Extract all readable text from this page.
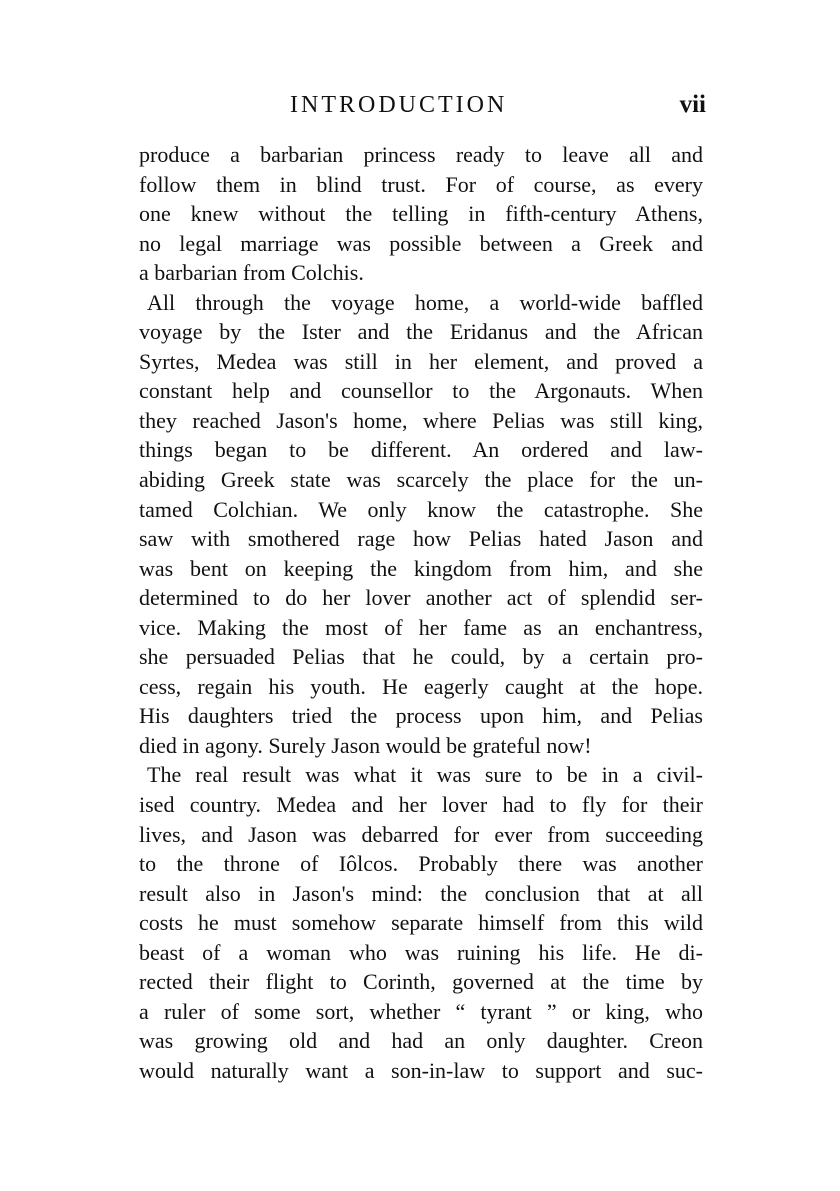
INTRODUCTION	vii
produce a barbarian princess ready to leave all and
follow them in blind trust. For of course, as every
one knew without the telling in fifth-century Athens,
no legal marriage was possible between a Greek and
a barbarian from Colchis.
All through the voyage home, a world-wide baffled
voyage by the Ister and the Eridanus and the African
Syrtes, Medea was still in her element, and proved a
constant help and counsellor to the Argonauts. When
they reached Jason's home, where Pelias was still king,
things began to be different. An ordered and law-
abiding Greek state was scarcely the place for the un-
tamed Colchian. We only know the catastrophe. She
saw with smothered rage how Pelias hated Jason and
was bent on keeping the kingdom from him, and she
determined to do her lover another act of splendid ser-
vice. Making the most of her fame as an enchantress,
she persuaded Pelias that he could, by a certain pro-
cess, regain his youth. He eagerly caught at the hope.
His daughters tried the process upon him, and Pelias
died in agony. Surely Jason would be grateful now!
The real result was what it was sure to be in a civil-
ised country. Medea and her lover had to fly for their
lives, and Jason was debarred for ever from succeeding
to the throne of Iôlcos. Probably there was another
result also in Jason's mind: the conclusion that at all
costs he must somehow separate himself from this wild
beast of a woman who was ruining his life. He di-
rected their flight to Corinth, governed at the time by
a ruler of some sort, whether “ tyrant ” or king, who
was growing old and had an only daughter. Creon
would naturally want a son-in-law to support and suc-
